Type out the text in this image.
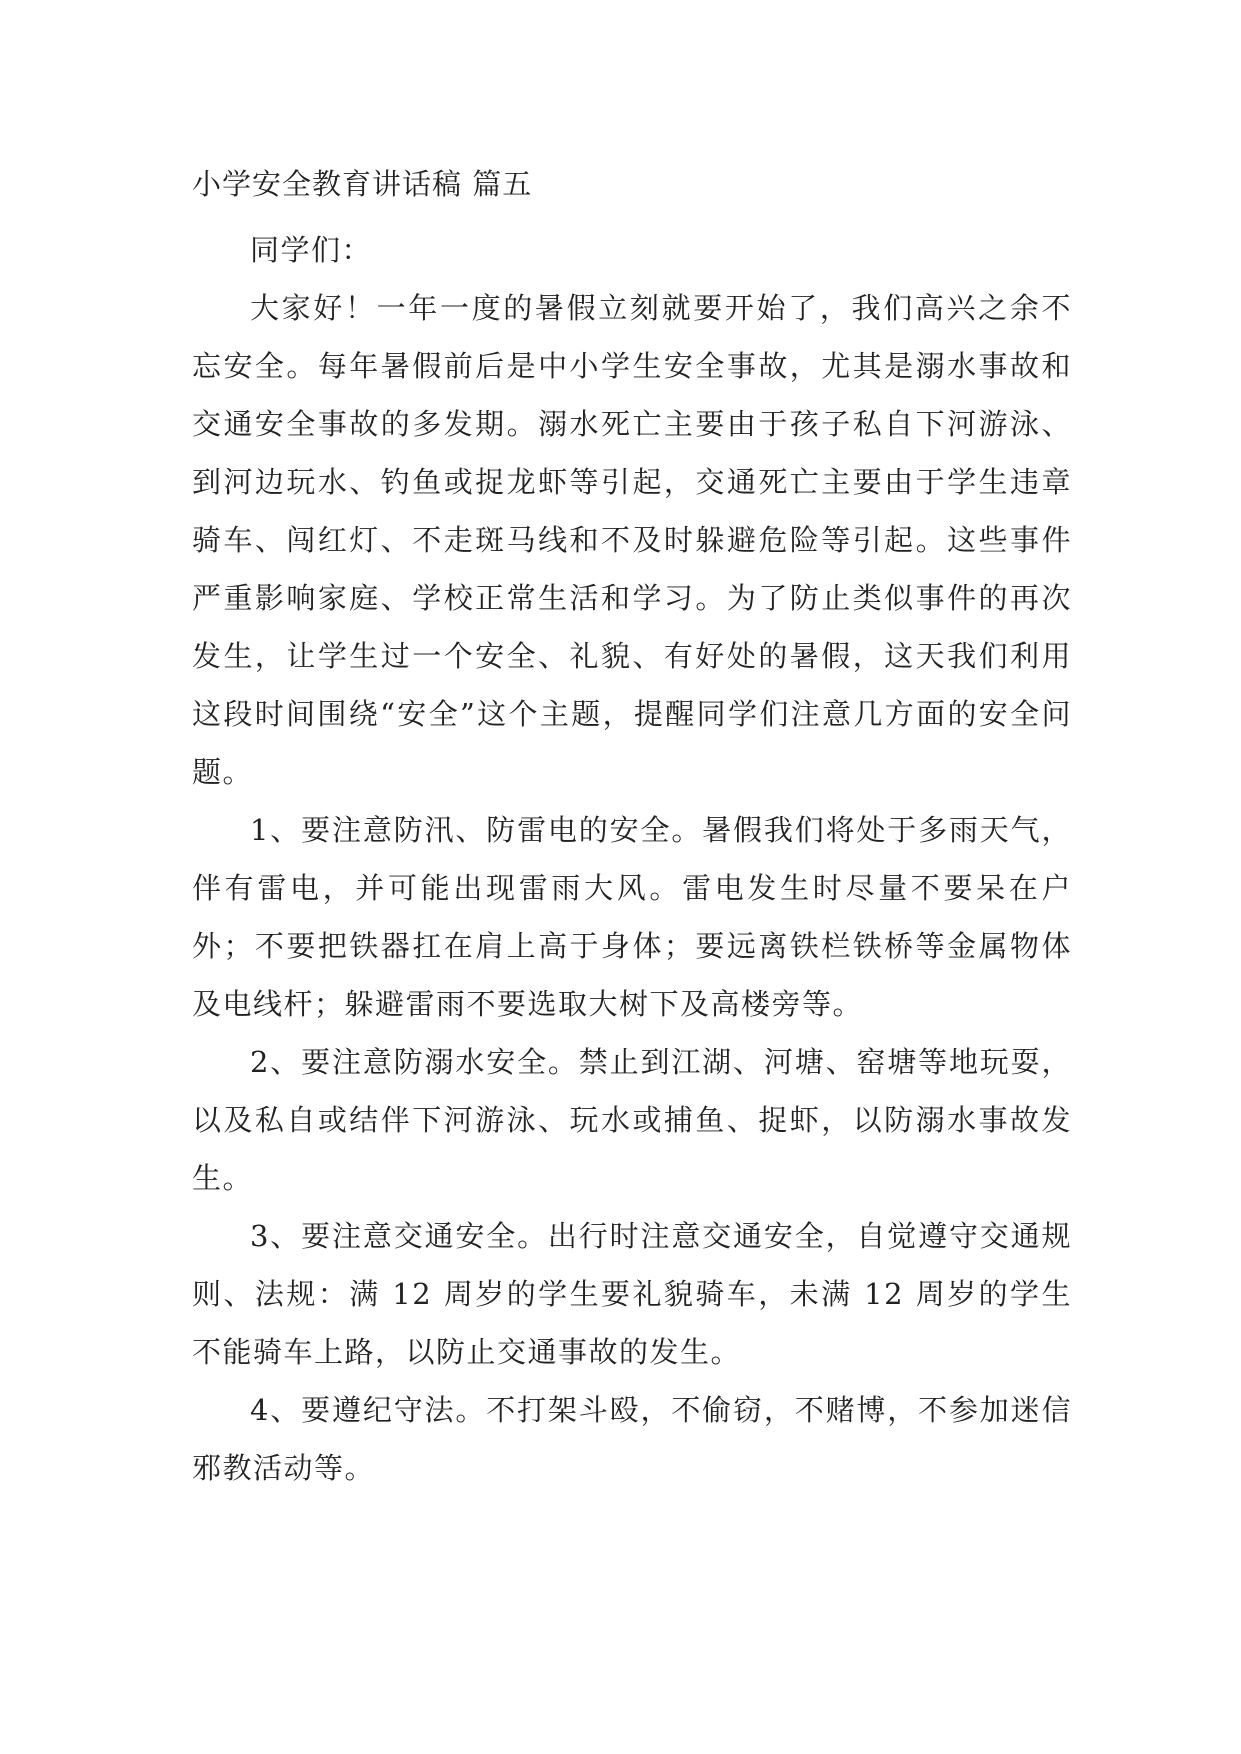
小学安全教育讲话稿 篇五

同学们：

大家好！一年一度的暑假立刻就要开始了，我们高兴之余不忘安全。每年暑假前后是中小学生安全事故，尤其是溺水事故和交通安全事故的多发期。溺水死亡主要由于孩子私自下河游泳、到河边玩水、钓鱼或捉龙虾等引起，交通死亡主要由于学生违章骑车、闯红灯、不走斑马线和不及时躲避危险等引起。这些事件严重影响家庭、学校正常生活和学习。为了防止类似事件的再次发生，让学生过一个安全、礼貌、有好处的暑假，这天我们利用这段时间围绕“安全”这个主题，提醒同学们注意几方面的安全问题。

1、要注意防汛、防雷电的安全。暑假我们将处于多雨天气，伴有雷电，并可能出现雷雨大风。雷电发生时尽量不要呆在户外；不要把铁器扛在肩上高于身体；要远离铁栏铁桥等金属物体及电线杆；躲避雷雨不要选取大树下及高楼旁等。

2、要注意防溺水安全。禁止到江湖、河塘、窑塘等地玩耍，以及私自或结伴下河游泳、玩水或捕鱼、捉虾，以防溺水事故发生。

3、要注意交通安全。出行时注意交通安全，自觉遵守交通规则、法规：满 12 周岁的学生要礼貌骑车，未满 12 周岁的学生不能骑车上路，以防止交通事故的发生。

4、要遵纪守法。不打架斗殴，不偷窃，不赌博，不参加迷信邪教活动等。
